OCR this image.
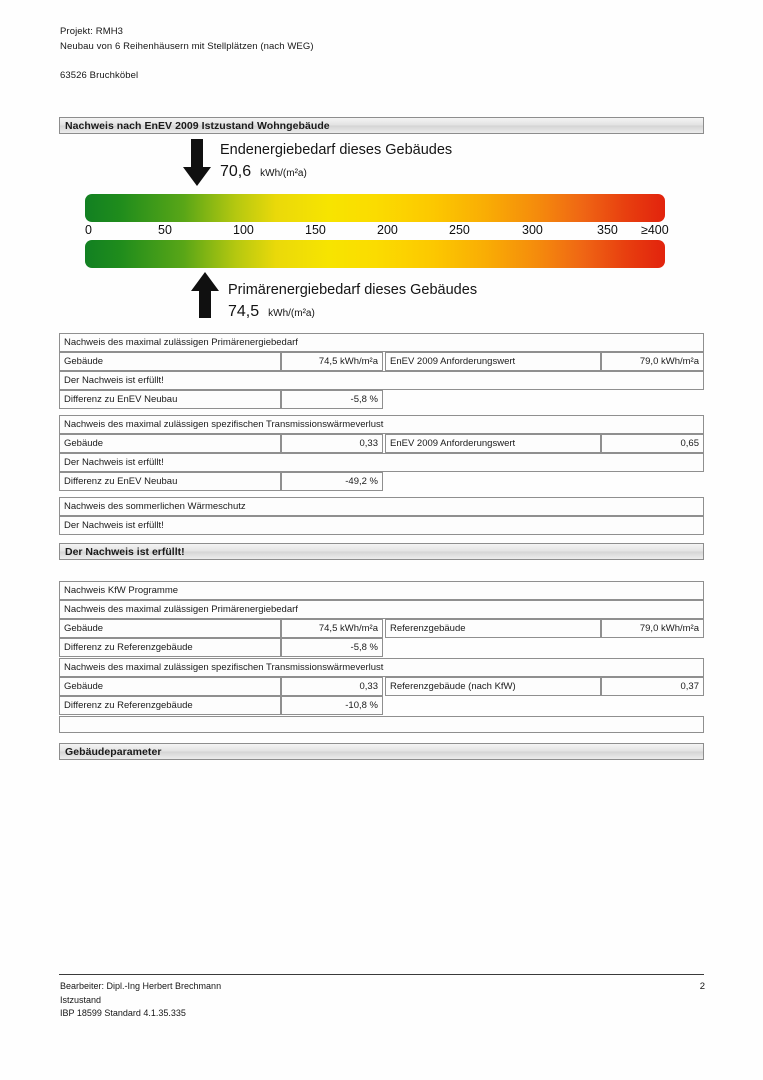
Projekt: RMH3
Neubau von 6 Reihenhäusern mit Stellplätzen (nach WEG)
63526 Bruchköbel
Nachweis nach EnEV 2009 Istzustand Wohngebäude
Endenergiebedarf dieses Gebäudes
70,6 kWh/(m²a)
0	50	100	150	200	250	300	350 ≥400
Primärenergiebedarf dieses Gebäudes
74,5 kWh/(m²a)
Nachweis des maximal zulässigen Primärenergiebedarf
Gebäude	74,5 kWh/m²a	EnEV 2009 Anforderungswert	79,0 kWh/m²a
Der Nachweis ist erfüllt!
Differenz zu EnEV Neubau	-5,8 %
Nachweis des maximal zulässigen spezifischen Transmissionswärmeverlust
Gebäude	0,33	EnEV 2009 Anforderungswert	0,65
Der Nachweis ist erfüllt!
Differenz zu EnEV Neubau	-49,2 %
Nachweis des sommerlichen Wärmeschutz
Der Nachweis ist erfüllt!
Der Nachweis ist erfüllt!
Nachweis KfW Programme
Nachweis des maximal zulässigen Primärenergiebedarf
Gebäude	74,5 kWh/m²a	Referenzgebäude	79,0 kWh/m²a
Differenz zu Referenzgebäude	-5,8 %
Nachweis des maximal zulässigen spezifischen Transmissionswärmeverlust
Gebäude	0,33	Referenzgebäude (nach KfW)	0,37
Differenz zu Referenzgebäude	-10,8 %
Gebäudeparameter
Bearbeiter: Dipl.-Ing Herbert Brechmann
Istzustand
IBP 18599 Standard 4.1.35.335
2
